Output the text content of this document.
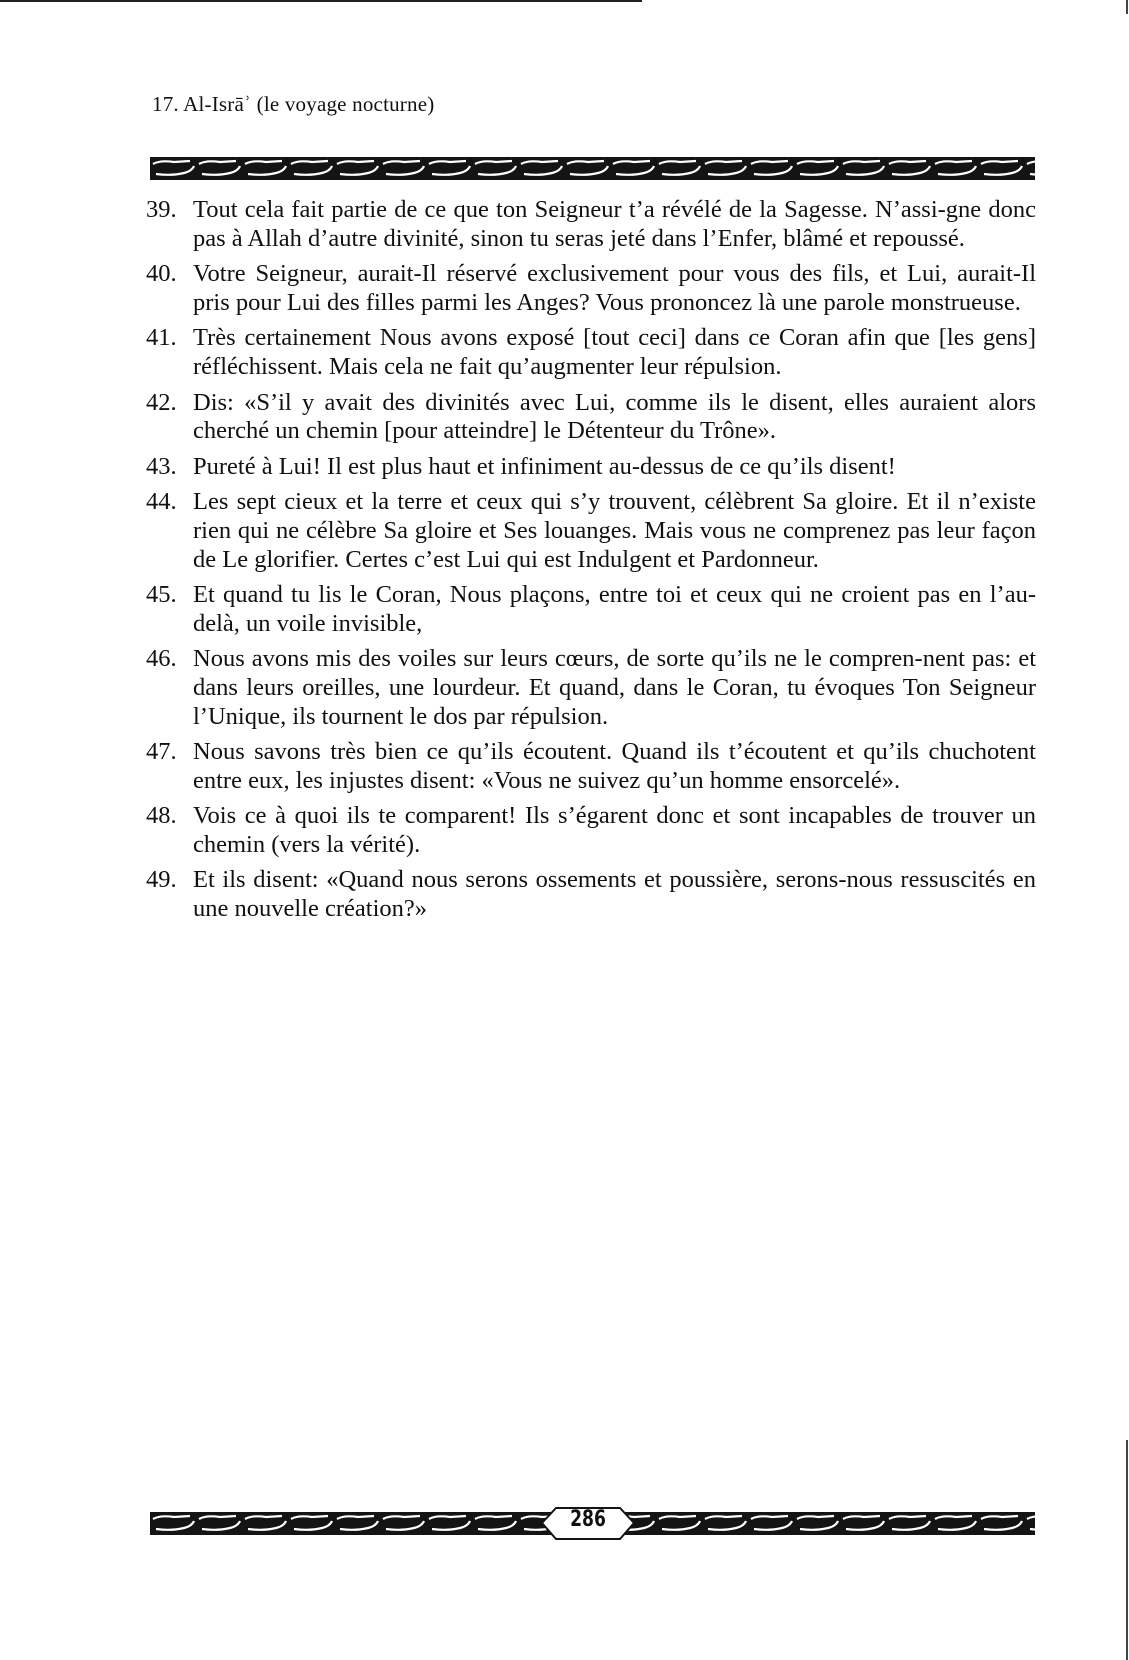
17. Al-Isrāʾ (le voyage nocturne)
39. Tout cela fait partie de ce que ton Seigneur t’a révélé de la Sagesse. N’assi-gne donc pas à Allah d’autre divinité, sinon tu seras jeté dans l’Enfer, blâmé et repoussé.
40. Votre Seigneur, aurait-Il réservé exclusivement pour vous des fils, et Lui, aurait-Il pris pour Lui des filles parmi les Anges? Vous prononcez là une parole monstrueuse.
41. Très certainement Nous avons exposé [tout ceci] dans ce Coran afin que [les gens] réfléchissent. Mais cela ne fait qu’augmenter leur répulsion.
42. Dis: «S’il y avait des divinités avec Lui, comme ils le disent, elles auraient alors cherché un chemin [pour atteindre] le Détenteur du Trône».
43. Pureté à Lui! Il est plus haut et infiniment au-dessus de ce qu’ils disent!
44. Les sept cieux et la terre et ceux qui s’y trouvent, célèbrent Sa gloire. Et il n’existe rien qui ne célèbre Sa gloire et Ses louanges. Mais vous ne comprenez pas leur façon de Le glorifier. Certes c’est Lui qui est Indulgent et Pardonneur.
45. Et quand tu lis le Coran, Nous plaçons, entre toi et ceux qui ne croient pas en l’au-delà, un voile invisible,
46. Nous avons mis des voiles sur leurs cœurs, de sorte qu’ils ne le compren-nent pas: et dans leurs oreilles, une lourdeur. Et quand, dans le Coran, tu évoques Ton Seigneur l’Unique, ils tournent le dos par répulsion.
47. Nous savons très bien ce qu’ils écoutent. Quand ils t’écoutent et qu’ils chuchotent entre eux, les injustes disent: «Vous ne suivez qu’un homme ensorcelé».
48. Vois ce à quoi ils te comparent! Ils s’égarent donc et sont incapables de trouver un chemin (vers la vérité).
49. Et ils disent: «Quand nous serons ossements et poussière, serons-nous ressuscités en une nouvelle création?»
286
